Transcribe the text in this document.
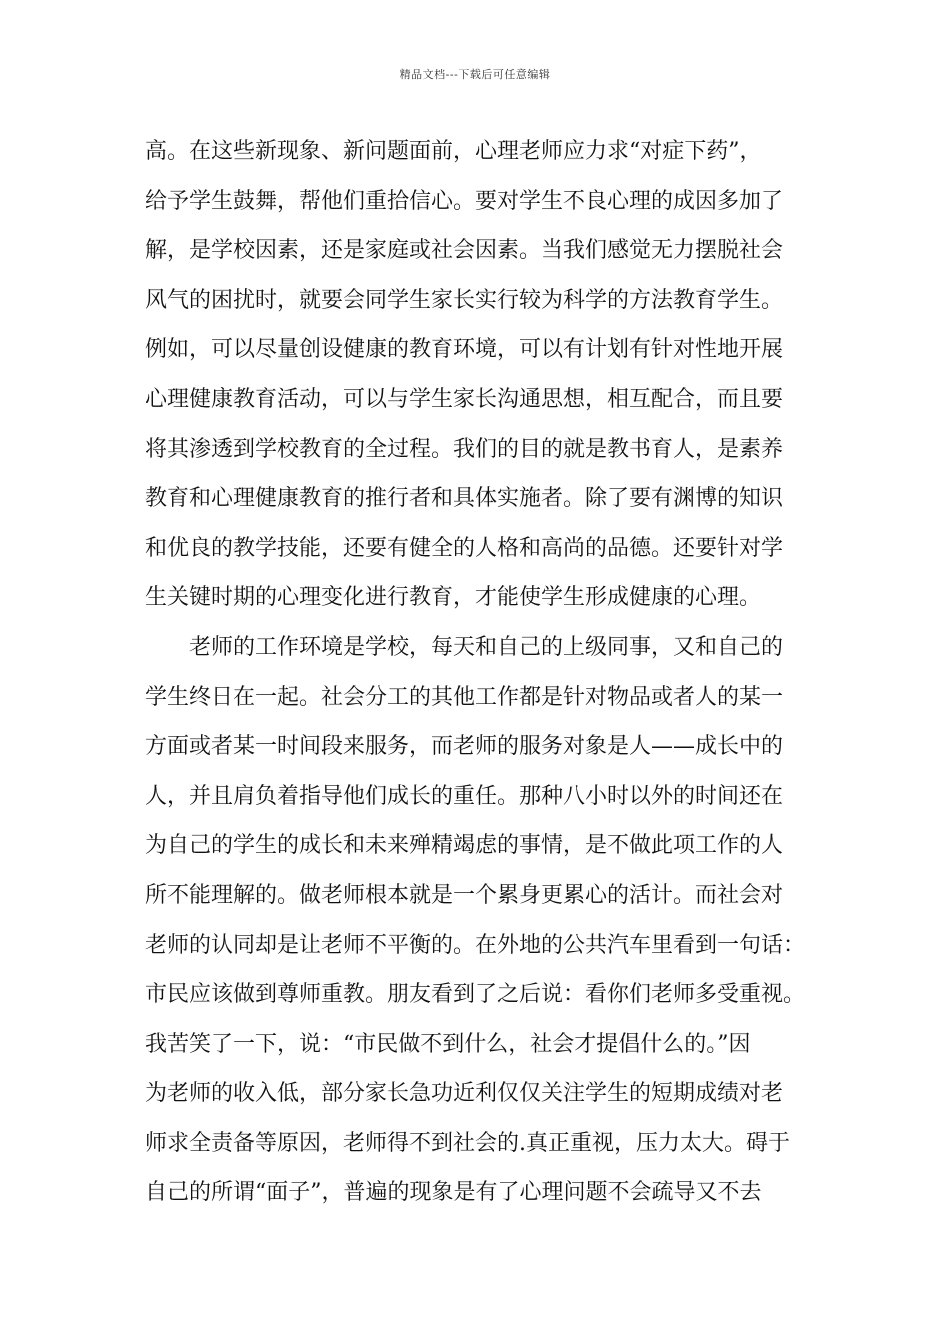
精品文档---下载后可任意编辑
高。在这些新现象、新问题面前，心理老师应力求“对症下药”，
给予学生鼓舞，帮他们重拾信心。要对学生不良心理的成因多加了
解，是学校因素，还是家庭或社会因素。当我们感觉无力摆脱社会
风气的困扰时，就要会同学生家长实行较为科学的方法教育学生。
例如，可以尽量创设健康的教育环境，可以有计划有针对性地开展
心理健康教育活动，可以与学生家长沟通思想，相互配合，而且要
将其渗透到学校教育的全过程。我们的目的就是教书育人，是素养
教育和心理健康教育的推行者和具体实施者。除了要有渊博的知识
和优良的教学技能，还要有健全的人格和高尚的品德。还要针对学
生关键时期的心理变化进行教育，才能使学生形成健康的心理。
老师的工作环境是学校，每天和自己的上级同事，又和自己的
学生终日在一起。社会分工的其他工作都是针对物品或者人的某一
方面或者某一时间段来服务，而老师的服务对象是人——成长中的
人，并且肩负着指导他们成长的重任。那种八小时以外的时间还在
为自己的学生的成长和未来殚精竭虑的事情，是不做此项工作的人
所不能理解的。做老师根本就是一个累身更累心的活计。而社会对
老师的认同却是让老师不平衡的。在外地的公共汽车里看到一句话：
市民应该做到尊师重教。朋友看到了之后说：看你们老师多受重视。
我苦笑了一下，说：“市民做不到什么，社会才提倡什么的。”因
为老师的收入低，部分家长急功近利仅仅关注学生的短期成绩对老
师求全责备等原因，老师得不到社会的.真正重视，压力太大。碍于
自己的所谓“面子”，普遍的现象是有了心理问题不会疏导又不去
